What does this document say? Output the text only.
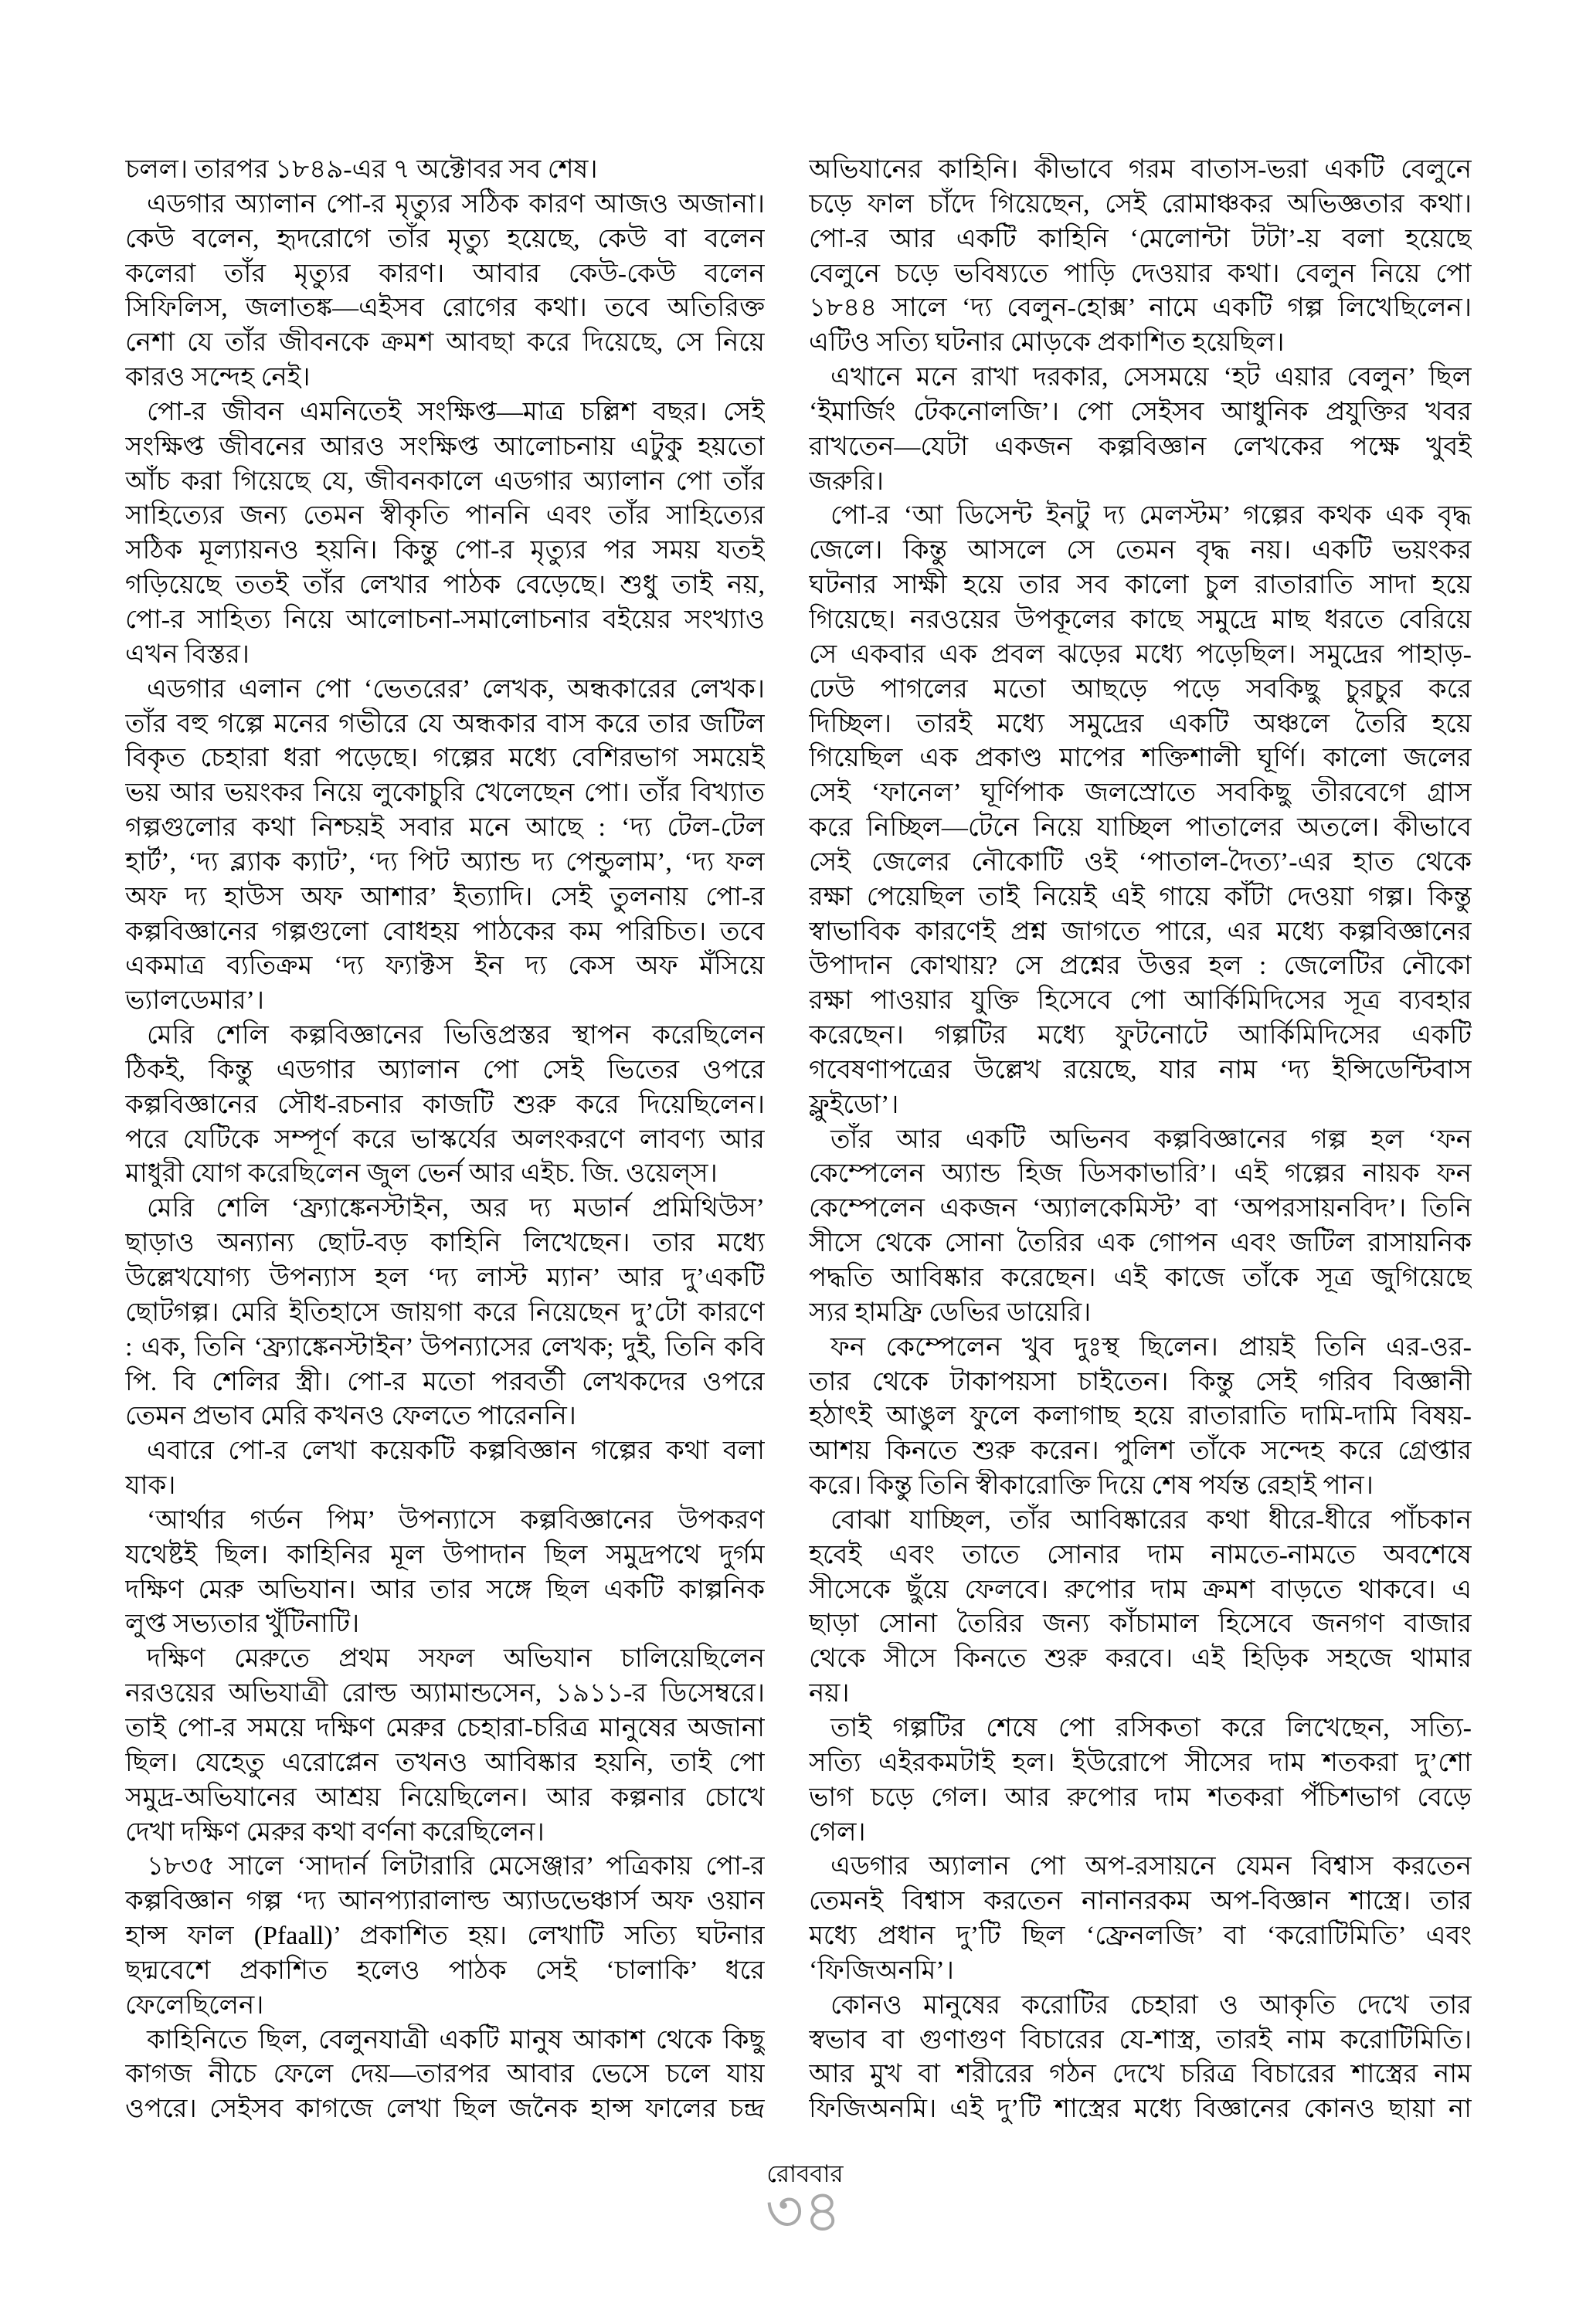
চলল। তারপর ১৮৪৯-এর ৭ অক্টোবর সব শেষ।
এডগার অ্যালান পো-র মৃত্যুর সঠিক কারণ আজও অজানা।
কেউ বলেন, হৃদরোগে তাঁর মৃত্যু হয়েছে, কেউ বা বলেন
কলেরা তাঁর মৃত্যুর কারণ। আবার কেউ-কেউ বলেন
সিফিলিস, জলাতঙ্ক—এইসব রোগের কথা। তবে অতিরিক্ত
নেশা যে তাঁর জীবনকে ক্রমশ আবছা করে দিয়েছে, সে নিয়ে
কারও সন্দেহ নেই।
পো-র জীবন এমনিতেই সংক্ষিপ্ত—মাত্র চল্লিশ বছর। সেই
সংক্ষিপ্ত জীবনের আরও সংক্ষিপ্ত আলোচনায় এটুকু হয়তো
আঁচ করা গিয়েছে যে, জীবনকালে এডগার অ্যালান পো তাঁর
সাহিত্যের জন্য তেমন স্বীকৃতি পাননি এবং তাঁর সাহিত্যের
সঠিক মূল্যায়নও হয়নি। কিন্তু পো-র মৃত্যুর পর সময় যতই
গড়িয়েছে ততই তাঁর লেখার পাঠক বেড়েছে। শুধু তাই নয়,
পো-র সাহিত্য নিয়ে আলোচনা-সমালোচনার বইয়ের সংখ্যাও
এখন বিস্তর।
এডগার এলান পো ‘ভেতরের’ লেখক, অন্ধকারের লেখক।
তাঁর বহু গল্পে মনের গভীরে যে অন্ধকার বাস করে তার জটিল
বিকৃত চেহারা ধরা পড়েছে। গল্পের মধ্যে বেশিরভাগ সময়েই
ভয় আর ভয়ংকর নিয়ে লুকোচুরি খেলেছেন পো। তাঁর বিখ্যাত
গল্পগুলোর কথা নিশ্চয়ই সবার মনে আছে : ‘দ্য টেল-টেল
হার্ট’, ‘দ্য ব্ল্যাক ক্যাট’, ‘দ্য পিট অ্যান্ড দ্য পেন্ডুলাম’, ‘দ্য ফল
অফ দ্য হাউস অফ আশার’ ইত্যাদি। সেই তুলনায় পো-র
কল্পবিজ্ঞানের গল্পগুলো বোধহয় পাঠকের কম পরিচিত। তবে
একমাত্র ব্যতিক্রম ‘দ্য ফ্যাক্টস ইন দ্য কেস অফ মঁসিয়ে
ভ্যালডেমার’।
মেরি শেলি কল্পবিজ্ঞানের ভিত্তিপ্রস্তর স্থাপন করেছিলেন
ঠিকই, কিন্তু এডগার অ্যালান পো সেই ভিতের ওপরে
কল্পবিজ্ঞানের সৌধ-রচনার কাজটি শুরু করে দিয়েছিলেন।
পরে যেটিকে সম্পূর্ণ করে ভাস্কর্যের অলংকরণে লাবণ্য আর
মাধুরী যোগ করেছিলেন জুল ভের্ন আর এইচ. জি. ওয়েল্‌স।
মেরি শেলি ‘ফ্র্যাঙ্কেনস্টাইন, অর দ্য মডার্ন প্রমিথিউস’
ছাড়াও অন্যান্য ছোট-বড় কাহিনি লিখেছেন। তার মধ্যে
উল্লেখযোগ্য উপন্যাস হল ‘দ্য লাস্ট ম্যান’ আর দু’একটি
ছোটগল্প। মেরি ইতিহাসে জায়গা করে নিয়েছেন দু’টো কারণে
: এক, তিনি ‘ফ্র্যাঙ্কেনস্টাইন’ উপন্যাসের লেখক; দুই, তিনি কবি
পি. বি শেলির স্ত্রী। পো-র মতো পরবর্তী লেখকদের ওপরে
তেমন প্রভাব মেরি কখনও ফেলতে পারেননি।
এবারে পো-র লেখা কয়েকটি কল্পবিজ্ঞান গল্পের কথা বলা
যাক।
‘আর্থার গর্ডন পিম’ উপন্যাসে কল্পবিজ্ঞানের উপকরণ
যথেষ্টই ছিল। কাহিনির মূল উপাদান ছিল সমুদ্রপথে দুর্গম
দক্ষিণ মেরু অভিযান। আর তার সঙ্গে ছিল একটি কাল্পনিক
লুপ্ত সভ্যতার খুঁটিনাটি।
দক্ষিণ মেরুতে প্রথম সফল অভিযান চালিয়েছিলেন
নরওয়ের অভিযাত্রী রোল্ড অ্যামান্ডসেন, ১৯১১-র ডিসেম্বরে।
তাই পো-র সময়ে দক্ষিণ মেরুর চেহারা-চরিত্র মানুষের অজানা
ছিল। যেহেতু এরোপ্লেন তখনও আবিষ্কার হয়নি, তাই পো
সমুদ্র-অভিযানের আশ্রয় নিয়েছিলেন। আর কল্পনার চোখে
দেখা দক্ষিণ মেরুর কথা বর্ণনা করেছিলেন।
১৮৩৫ সালে ‘সাদার্ন লিটারারি মেসেঞ্জার’ পত্রিকায় পো-র
কল্পবিজ্ঞান গল্প ‘দ্য আনপ্যারালাল্ড অ্যাডভেঞ্চার্স অফ ওয়ান
হান্স ফাল (Pfaall)’ প্রকাশিত হয়। লেখাটি সত্যি ঘটনার
ছদ্মবেশে প্রকাশিত হলেও পাঠক সেই ‘চালাকি’ ধরে
ফেলেছিলেন।
কাহিনিতে ছিল, বেলুনযাত্রী একটি মানুষ আকাশ থেকে কিছু
কাগজ নীচে ফেলে দেয়—তারপর আবার ভেসে চলে যায়
ওপরে। সেইসব কাগজে লেখা ছিল জনৈক হান্স ফালের চন্দ্র
অভিযানের কাহিনি। কীভাবে গরম বাতাস-ভরা একটি বেলুনে
চড়ে ফাল চাঁদে গিয়েছেন, সেই রোমাঞ্চকর অভিজ্ঞতার কথা।
পো-র আর একটি কাহিনি ‘মেলোন্টা টটা’-য় বলা হয়েছে
বেলুনে চড়ে ভবিষ্যতে পাড়ি দেওয়ার কথা। বেলুন নিয়ে পো
১৮৪৪ সালে ‘দ্য বেলুন-হোক্স’ নামে একটি গল্প লিখেছিলেন।
এটিও সত্যি ঘটনার মোড়কে প্রকাশিত হয়েছিল।
এখানে মনে রাখা দরকার, সেসময়ে ‘হট এয়ার বেলুন’ ছিল
‘ইমার্জিং টেকনোলজি’। পো সেইসব আধুনিক প্রযুক্তির খবর
রাখতেন—যেটা একজন কল্পবিজ্ঞান লেখকের পক্ষে খুবই
জরুরি।
পো-র ‘আ ডিসেন্ট ইনটু দ্য মেলস্টম’ গল্পের কথক এক বৃদ্ধ
জেলে। কিন্তু আসলে সে তেমন বৃদ্ধ নয়। একটি ভয়ংকর
ঘটনার সাক্ষী হয়ে তার সব কালো চুল রাতারাতি সাদা হয়ে
গিয়েছে। নরওয়ের উপকূলের কাছে সমুদ্রে মাছ ধরতে বেরিয়ে
সে একবার এক প্রবল ঝড়ের মধ্যে পড়েছিল। সমুদ্রের পাহাড়-
ঢেউ পাগলের মতো আছড়ে পড়ে সবকিছু চুরচুর করে
দিচ্ছিল। তারই মধ্যে সমুদ্রের একটি অঞ্চলে তৈরি হয়ে
গিয়েছিল এক প্রকাণ্ড মাপের শক্তিশালী ঘূর্ণি। কালো জলের
সেই ‘ফানেল’ ঘূর্ণিপাক জলস্রোতে সবকিছু তীরবেগে গ্রাস
করে নিচ্ছিল—টেনে নিয়ে যাচ্ছিল পাতালের অতলে। কীভাবে
সেই জেলের নৌকোটি ওই ‘পাতাল-দৈত্য’-এর হাত থেকে
রক্ষা পেয়েছিল তাই নিয়েই এই গায়ে কাঁটা দেওয়া গল্প। কিন্তু
স্বাভাবিক কারণেই প্রশ্ন জাগতে পারে, এর মধ্যে কল্পবিজ্ঞানের
উপাদান কোথায়? সে প্রশ্নের উত্তর হল : জেলেটির নৌকো
রক্ষা পাওয়ার যুক্তি হিসেবে পো আর্কিমিদিসের সূত্র ব্যবহার
করেছেন। গল্পটির মধ্যে ফুটনোটে আর্কিমিদিসের একটি
গবেষণাপত্রের উল্লেখ রয়েছে, যার নাম ‘দ্য ইন্সিডেন্টিবাস
ফ্লুইডো’।
তাঁর আর একটি অভিনব কল্পবিজ্ঞানের গল্প হল ‘ফন
কেম্পেলেন অ্যান্ড হিজ ডিসকাভারি’। এই গল্পের নায়ক ফন
কেম্পেলেন একজন ‘অ্যালকেমিস্ট’ বা ‘অপরসায়নবিদ’। তিনি
সীসে থেকে সোনা তৈরির এক গোপন এবং জটিল রাসায়নিক
পদ্ধতি আবিষ্কার করেছেন। এই কাজে তাঁকে সূত্র জুগিয়েছে
স্যর হামফ্রি ডেভির ডায়েরি।
ফন কেম্পেলেন খুব দুঃস্থ ছিলেন। প্রায়ই তিনি এর-ওর-
তার থেকে টাকাপয়সা চাইতেন। কিন্তু সেই গরিব বিজ্ঞানী
হঠাৎই আঙুল ফুলে কলাগাছ হয়ে রাতারাতি দামি-দামি বিষয়-
আশয় কিনতে শুরু করেন। পুলিশ তাঁকে সন্দেহ করে গ্রেপ্তার
করে। কিন্তু তিনি স্বীকারোক্তি দিয়ে শেষ পর্যন্ত রেহাই পান।
বোঝা যাচ্ছিল, তাঁর আবিষ্কারের কথা ধীরে-ধীরে পাঁচকান
হবেই এবং তাতে সোনার দাম নামতে-নামতে অবশেষে
সীসেকে ছুঁয়ে ফেলবে। রুপোর দাম ক্রমশ বাড়তে থাকবে। এ
ছাড়া সোনা তৈরির জন্য কাঁচামাল হিসেবে জনগণ বাজার
থেকে সীসে কিনতে শুরু করবে। এই হিড়িক সহজে থামার
নয়।
তাই গল্পটির শেষে পো রসিকতা করে লিখেছেন, সত্যি-
সত্যি এইরকমটাই হল। ইউরোপে সীসের দাম শতকরা দু’শো
ভাগ চড়ে গেল। আর রুপোর দাম শতকরা পঁচিশভাগ বেড়ে
গেল।
এডগার অ্যালান পো অপ-রসায়নে যেমন বিশ্বাস করতেন
তেমনই বিশ্বাস করতেন নানানরকম অপ-বিজ্ঞান শাস্ত্রে। তার
মধ্যে প্রধান দু’টি ছিল ‘ফ্রেনলজি’ বা ‘করোটিমিতি’ এবং
‘ফিজিঅনমি’।
কোনও মানুষের করোটির চেহারা ও আকৃতি দেখে তার
স্বভাব বা গুণাগুণ বিচারের যে-শাস্ত্র, তারই নাম করোটিমিতি।
আর মুখ বা শরীরের গঠন দেখে চরিত্র বিচারের শাস্ত্রের নাম
ফিজিঅনমি। এই দু’টি শাস্ত্রের মধ্যে বিজ্ঞানের কোনও ছায়া না
রোববার
৩৪
